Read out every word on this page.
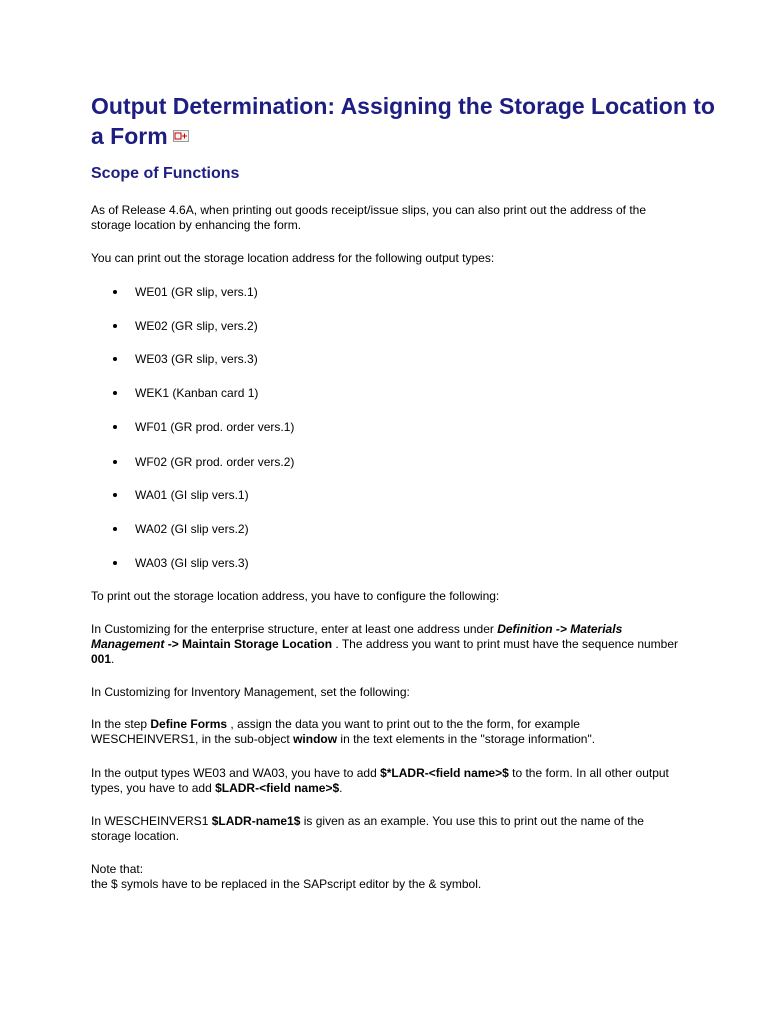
Output Determination: Assigning the Storage Location to a Form
Scope of Functions

As of Release 4.6A, when printing out goods receipt/issue slips, you can also print out the address of the storage location by enhancing the form.

You can print out the storage location address for the following output types:

WE01 (GR slip, vers.1)

WE02 (GR slip, vers.2)

WE03 (GR slip, vers.3)

WEK1 (Kanban card 1)

WF01 (GR prod. order vers.1)

WF02 (GR prod. order vers.2)

WA01 (GI slip vers.1)

WA02 (GI slip vers.2)

WA03 (GI slip vers.3)

To print out the storage location address, you have to configure the following:

In Customizing for the enterprise structure, enter at least one address under Definition -> Materials Management -> Maintain Storage Location . The address you want to print must have the sequence number 001.

In Customizing for Inventory Management, set the following:

In the step Define Forms , assign the data you want to print out to the the form, for example WESCHEINVERS1, in the sub-object window in the text elements in the "storage information".

In the output types WE03 and WA03, you have to add $*LADR-<field name>$ to the form. In all other output types, you have to add $LADR-<field name>$.

In WESCHEINVERS1 $LADR-name1$ is given as an example. You use this to print out the name of the storage location.

Note that:
the $ symols have to be replaced in the SAPscript editor by the & symbol.
